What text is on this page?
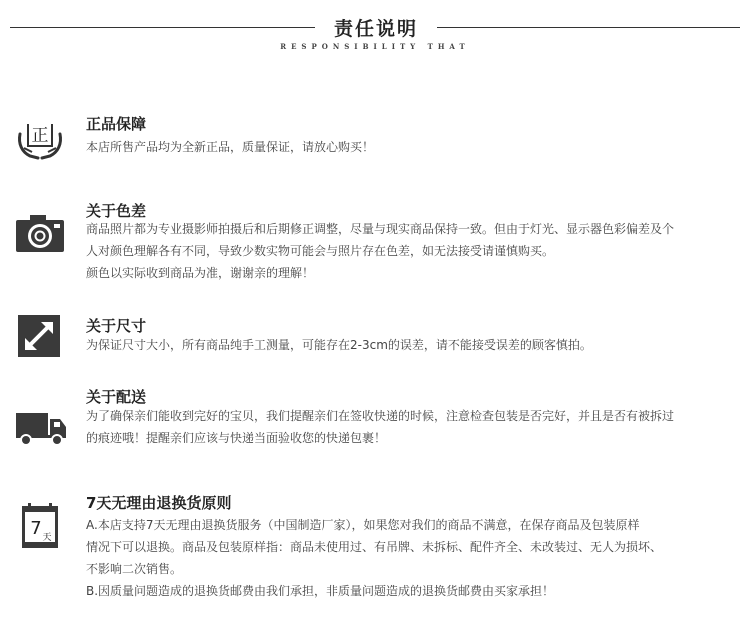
责任说明
RESPONSIBILITY THAT
正
正品保障

本店所售产品均为全新正品，质量保证，请放心购买！

关于色差

商品照片都为专业摄影师拍摄后和后期修正调整，尽量与现实商品保持一致。但由于灯光、显示器色彩偏差及个

人对颜色理解各有不同，导致少数实物可能会与照片存在色差，如无法接受请谨慎购买。

颜色以实际收到商品为准，谢谢亲的理解！

关于尺寸

为保证尺寸大小，所有商品纯手工测量，可能存在2-3cm的误差，请不能接受误差的顾客慎拍。

关于配送

为了确保亲们能收到完好的宝贝，我们提醒亲们在签收快递的时候，注意检查包装是否完好，并且是否有被拆过

的痕迹哦！提醒亲们应该与快递当面验收您的快递包裹！

7 天
7天无理由退换货原则

A.本店支持7天无理由退换货服务（中国制造厂家），如果您对我们的商品不满意，在保存商品及包装原样

情况下可以退换。商品及包装原样指：商品未使用过、有吊牌、未拆标、配件齐全、未改装过、无人为损坏、

不影响二次销售。

B.因质量问题造成的退换货邮费由我们承担，非质量问题造成的退换货邮费由买家承担！
